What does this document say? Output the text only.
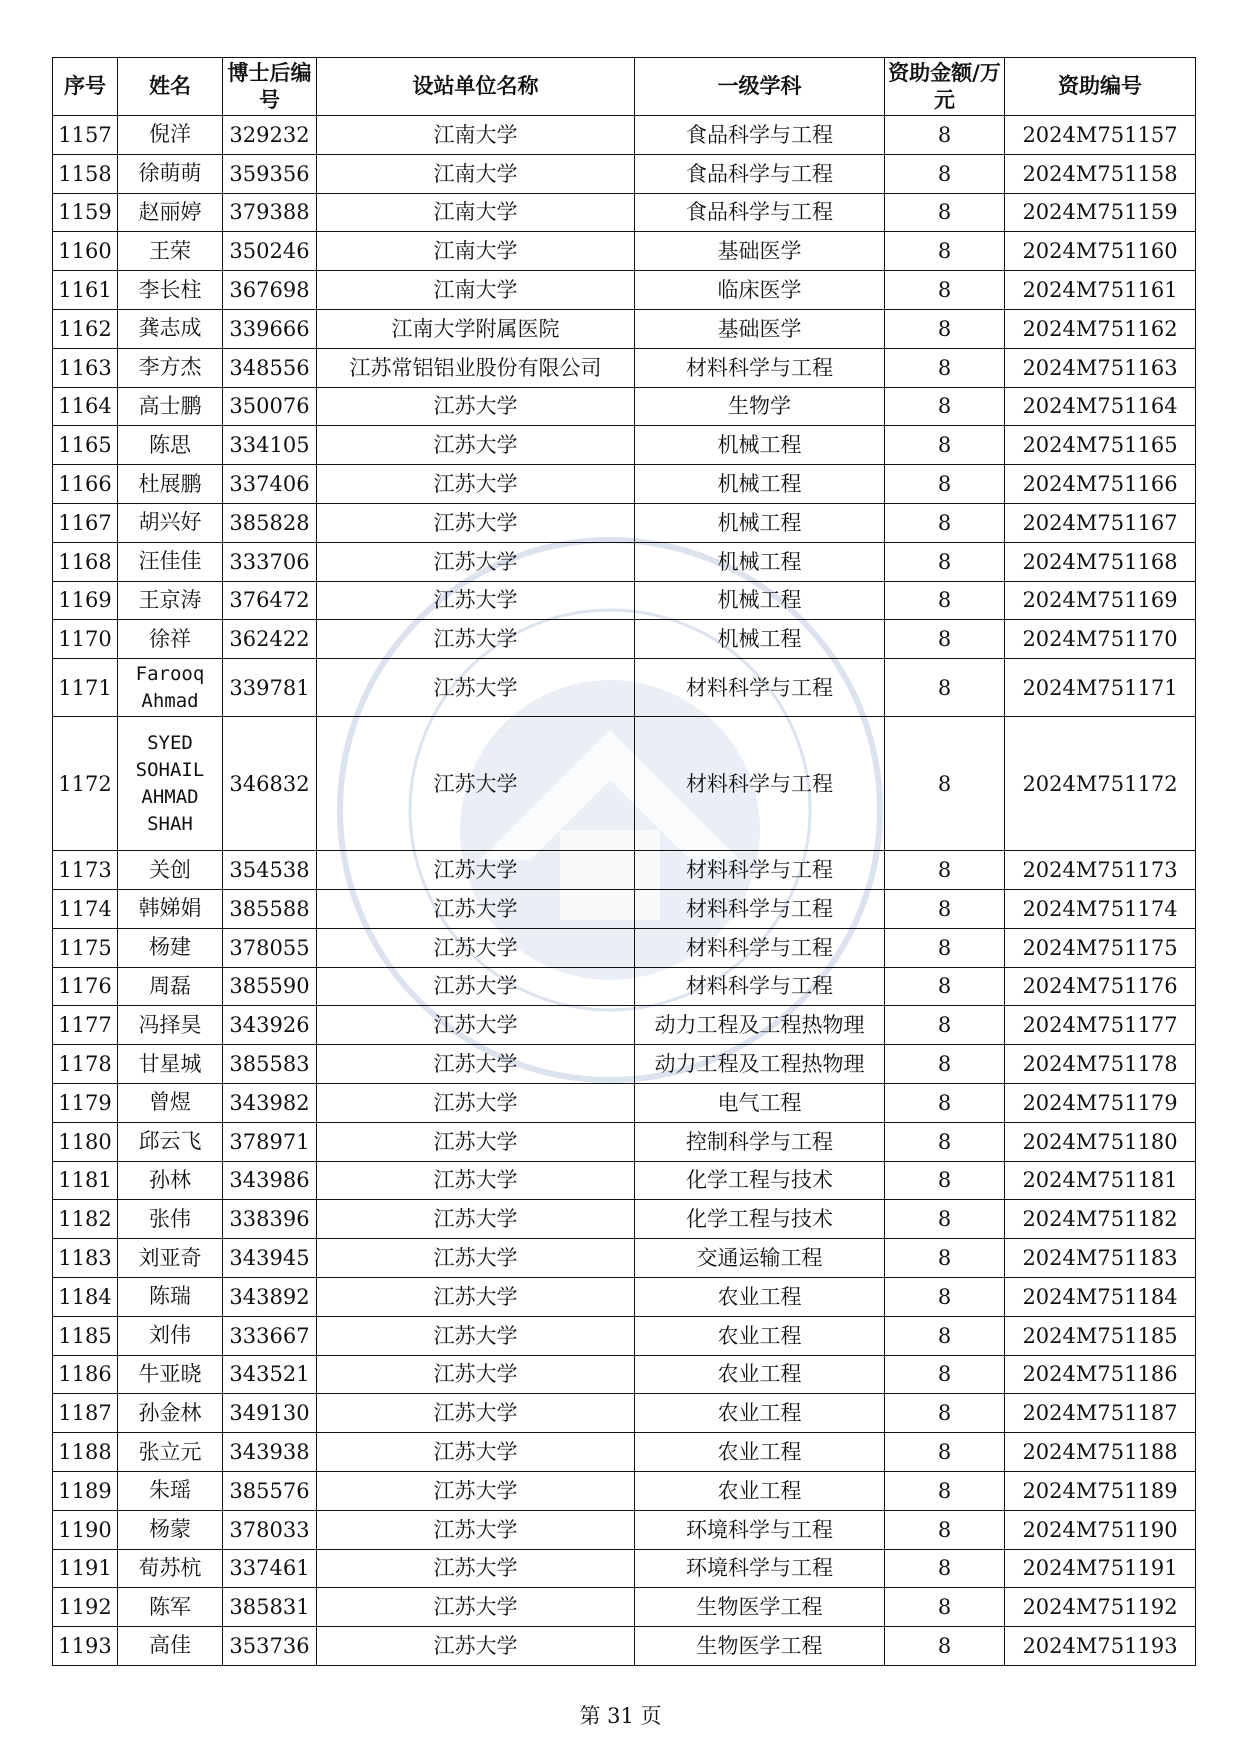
序号	姓名	博士后编号	设站单位名称	一级学科	资助金额/万元	资助编号
1157	倪洋	329232	江南大学	食品科学与工程	8	2024M751157
1158	徐萌萌	359356	江南大学	食品科学与工程	8	2024M751158
1159	赵丽婷	379388	江南大学	食品科学与工程	8	2024M751159
1160	王荣	350246	江南大学	基础医学	8	2024M751160
1161	李长柱	367698	江南大学	临床医学	8	2024M751161
1162	龚志成	339666	江南大学附属医院	基础医学	8	2024M751162
1163	李方杰	348556	江苏常铝铝业股份有限公司	材料科学与工程	8	2024M751163
1164	高士鹏	350076	江苏大学	生物学	8	2024M751164
1165	陈思	334105	江苏大学	机械工程	8	2024M751165
1166	杜展鹏	337406	江苏大学	机械工程	8	2024M751166
1167	胡兴好	385828	江苏大学	机械工程	8	2024M751167
1168	汪佳佳	333706	江苏大学	机械工程	8	2024M751168
1169	王京涛	376472	江苏大学	机械工程	8	2024M751169
1170	徐祥	362422	江苏大学	机械工程	8	2024M751170
1171	Farooq Ahmad	339781	江苏大学	材料科学与工程	8	2024M751171
1172	SYED SOHAIL AHMAD SHAH	346832	江苏大学	材料科学与工程	8	2024M751172
1173	关创	354538	江苏大学	材料科学与工程	8	2024M751173
1174	韩娣娟	385588	江苏大学	材料科学与工程	8	2024M751174
1175	杨建	378055	江苏大学	材料科学与工程	8	2024M751175
1176	周磊	385590	江苏大学	材料科学与工程	8	2024M751176
1177	冯择昊	343926	江苏大学	动力工程及工程热物理	8	2024M751177
1178	甘星城	385583	江苏大学	动力工程及工程热物理	8	2024M751178
1179	曾煜	343982	江苏大学	电气工程	8	2024M751179
1180	邱云飞	378971	江苏大学	控制科学与工程	8	2024M751180
1181	孙林	343986	江苏大学	化学工程与技术	8	2024M751181
1182	张伟	338396	江苏大学	化学工程与技术	8	2024M751182
1183	刘亚奇	343945	江苏大学	交通运输工程	8	2024M751183
1184	陈瑞	343892	江苏大学	农业工程	8	2024M751184
1185	刘伟	333667	江苏大学	农业工程	8	2024M751185
1186	牛亚晓	343521	江苏大学	农业工程	8	2024M751186
1187	孙金林	349130	江苏大学	农业工程	8	2024M751187
1188	张立元	343938	江苏大学	农业工程	8	2024M751188
1189	朱瑶	385576	江苏大学	农业工程	8	2024M751189
1190	杨蒙	378033	江苏大学	环境科学与工程	8	2024M751190
1191	荀苏杭	337461	江苏大学	环境科学与工程	8	2024M751191
1192	陈军	385831	江苏大学	生物医学工程	8	2024M751192
1193	高佳	353736	江苏大学	生物医学工程	8	2024M751193
第 31 页
